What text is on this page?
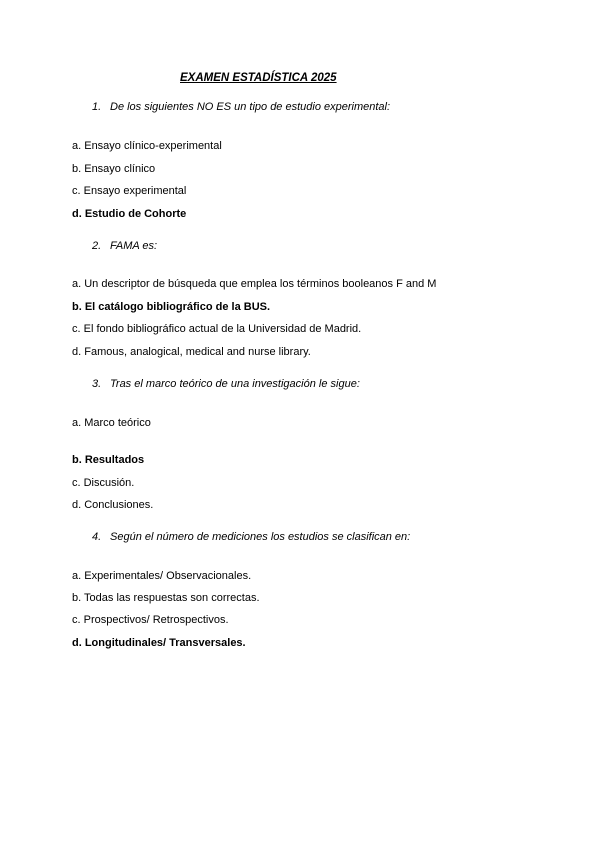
EXAMEN ESTADÍSTICA 2025
1. De los siguientes NO ES un tipo de estudio experimental:
a. Ensayo clínico-experimental
b. Ensayo clínico
c. Ensayo experimental
d. Estudio de Cohorte
2. FAMA es:
a. Un descriptor de búsqueda que emplea los términos booleanos F and M
b. El catálogo bibliográfico de la BUS.
c. El fondo bibliográfico actual de la Universidad de Madrid.
d. Famous, analogical, medical and nurse library.
3. Tras el marco teórico de una investigación le sigue:
a. Marco teórico
b. Resultados
c. Discusión.
d. Conclusiones.
4. Según el número de mediciones los estudios se clasifican en:
a. Experimentales/ Observacionales.
b. Todas las respuestas son correctas.
c. Prospectivos/ Retrospectivos.
d. Longitudinales/ Transversales.
